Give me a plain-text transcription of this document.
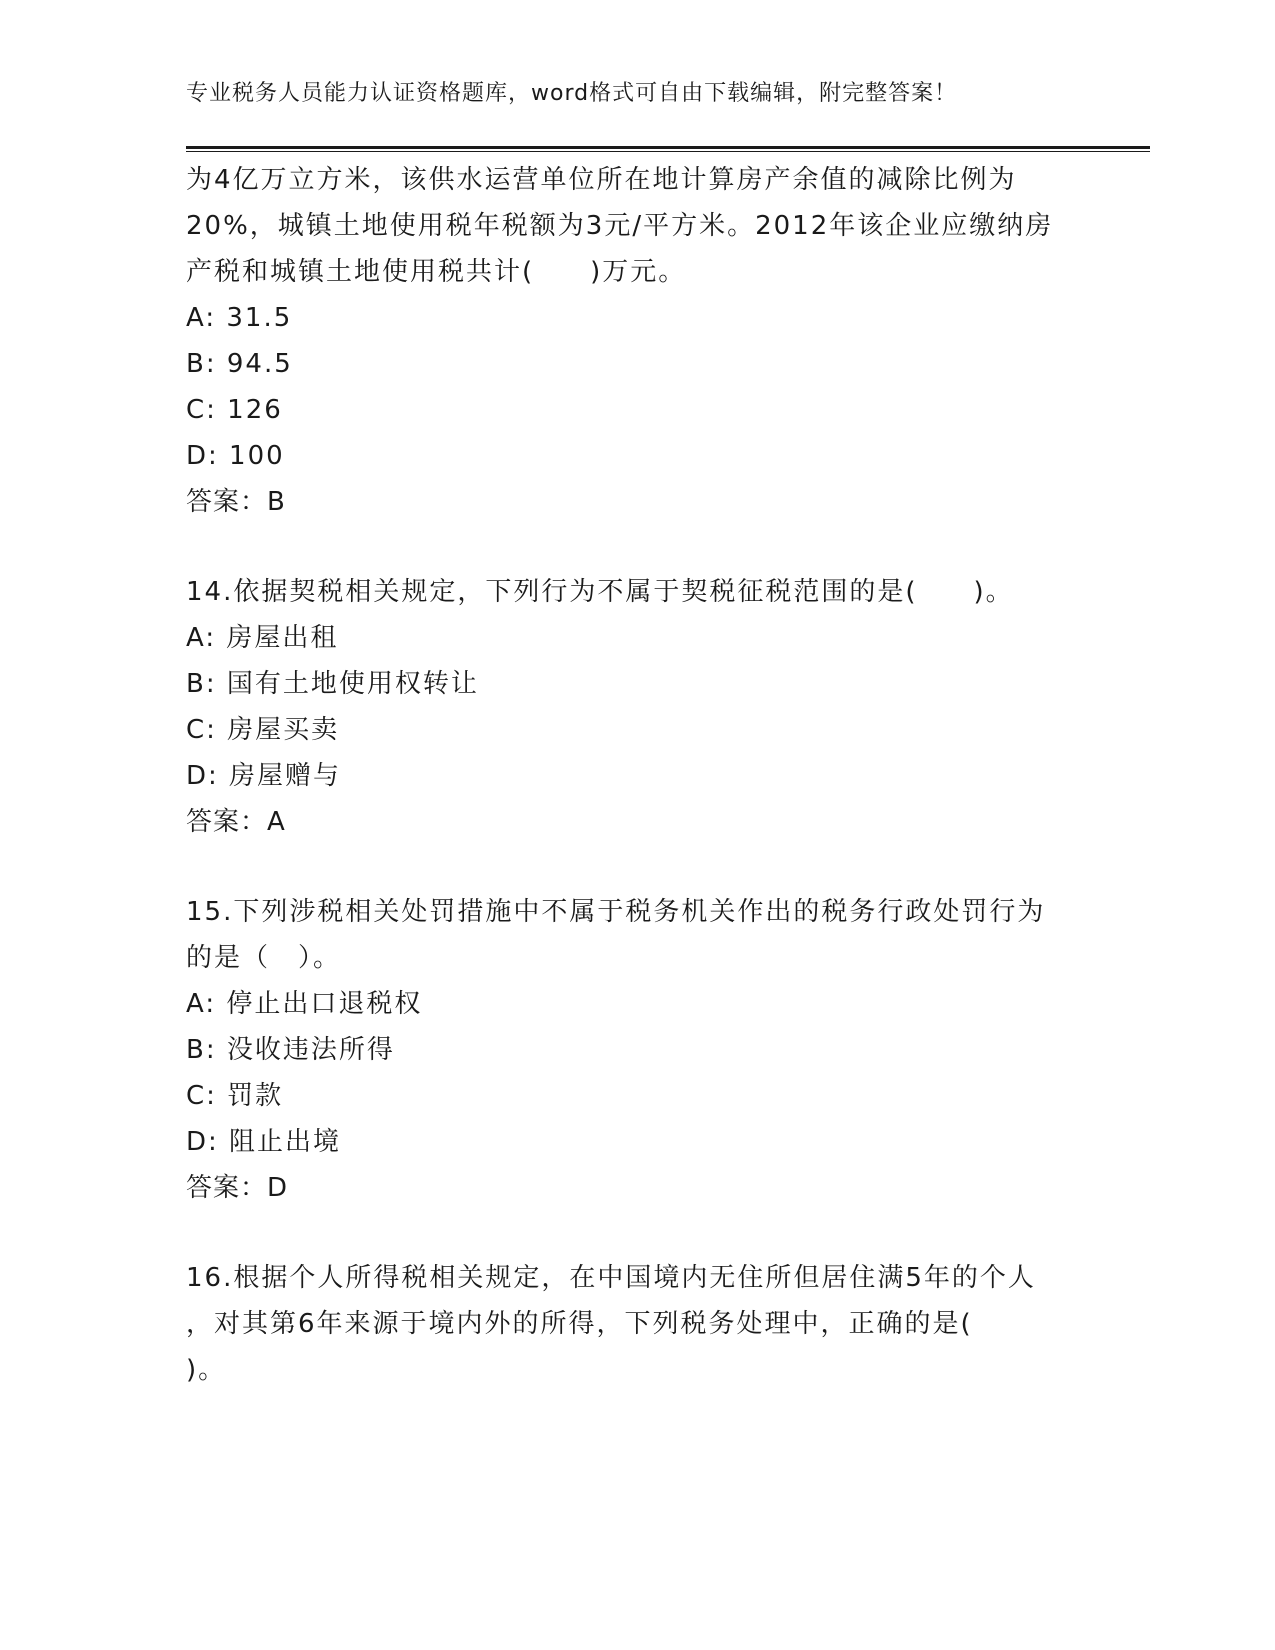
专业税务人员能力认证资格题库，word格式可自由下载编辑，附完整答案！
为4亿万立方米，该供水运营单位所在地计算房产余值的减除比例为
20%，城镇土地使用税年税额为3元/平方米。2012年该企业应缴纳房
产税和城镇土地使用税共计(　　)万元。
A: 31.5
B: 94.5
C: 126
D: 100
答案：B
14.依据契税相关规定，下列行为不属于契税征税范围的是(　　)。
A: 房屋出租
B: 国有土地使用权转让
C: 房屋买卖
D: 房屋赠与
答案：A
15.下列涉税相关处罚措施中不属于税务机关作出的税务行政处罚行为
的是（　）。
A: 停止出口退税权
B: 没收违法所得
C: 罚款
D: 阻止出境
答案：D
16.根据个人所得税相关规定，在中国境内无住所但居住满5年的个人
，对其第6年来源于境内外的所得，下列税务处理中，正确的是(
)。
